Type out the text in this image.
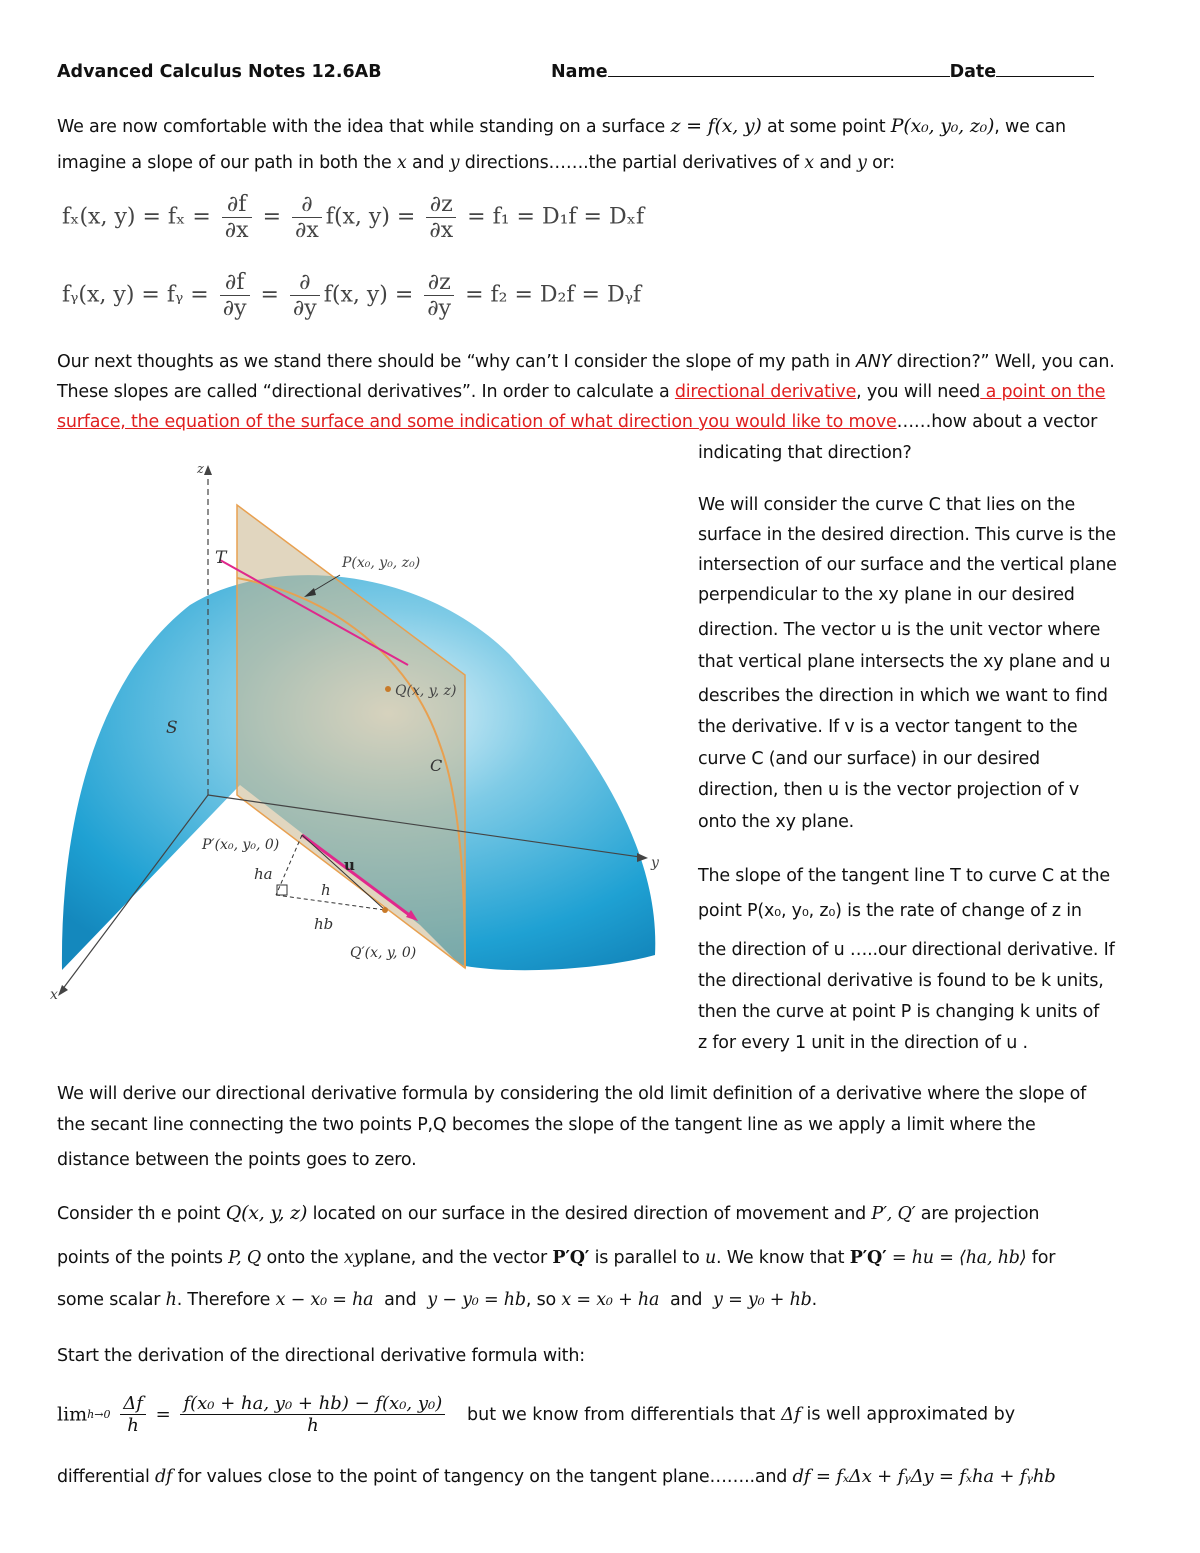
Advanced Calculus Notes 12.6AB	Name	Date
We are now comfortable with the idea that while standing on a surface z = f(x, y) at some point P(x₀, y₀, z₀), we can
imagine a slope of our path in both the x and y directions…….the partial derivatives of x and y or:
fₓ(x, $y) = f_x = \frac{\partial f}{\partial x} = \frac{\partial}{\partial x} f(x$, $y) = \frac{\partial z}{\partial x} = f_1 = D_1f = D_xf$
fᵧ(x, y) = fᵧ = $\frac{\partial f}{\partial y} = \frac{\partial}{\partial y} f(x$, $y) = \frac{\partial z}{\partial y} = f_2 = D_2f$ = Dᵧf
Our next thoughts as we stand there should be “why can’t I consider the slope of my path in ANY direction?” Well, you can.
These slopes are called “directional derivatives”. In order to calculate a directional derivative, you will need a point on the
surface, the equation of the surface and some indication of what direction you would like to move……how about a vector
indicating that direction?
z
y
x
T
S
C
P(x₀, y₀, z₀)
Q(x, y, z)
P′(x₀, y₀, 0)
Q′(x, y, 0)
ha
h
hb
u
We will consider the curve C that lies on the
surface in the desired direction. This curve is the
intersection of our surface and the vertical plane
perpendicular to the xy plane in our desired
direction. The vector u is the unit vector where
that vertical plane intersects the xy plane and u
describes the direction in which we want to find
the derivative. If v is a vector tangent to the
curve C (and our surface) in our desired
direction, then u is the vector projection of v
onto the xy plane.
The slope of the tangent line T to curve C at the
point P(x₀, y₀, z₀) is the rate of change of z in
the direction of u …..our directional derivative. If
the directional derivative is found to be k units,
then the curve at point P is changing k units of
z for every 1 unit in the direction of u .
We will derive our directional derivative formula by considering the old limit definition of a derivative where the slope of
the secant line connecting the two points P,Q becomes the slope of the tangent line as we apply a limit where the
distance between the points goes to zero.
Consider th e point Q(x, y, z) located on our surface in the desired direction of movement and P′, Q′ are projection
points of the points P, Q onto the xyplane, and the vector P′Q′ is parallel to u. We know that P′Q′ = hu = ⟨ha, hb⟩ for
some scalar h. Therefore x − x₀ = ha and y − y₀ = hb, so x = x₀ + ha and y = y₀ + hb.
Start the derivation of the directional derivative formula with:
$\lim h\to 0 \frac{\Delta f}{h} = \frac{\text{f(x₀ + ha, y₀ + hb) − f(x₀, y₀)}}{h}$ but we know from differentials that Δf is well approximated by
differential df for values close to the point of tangency on the tangent plane……..and df = fₓΔx + fᵧΔy = fₓha + fᵧhb
